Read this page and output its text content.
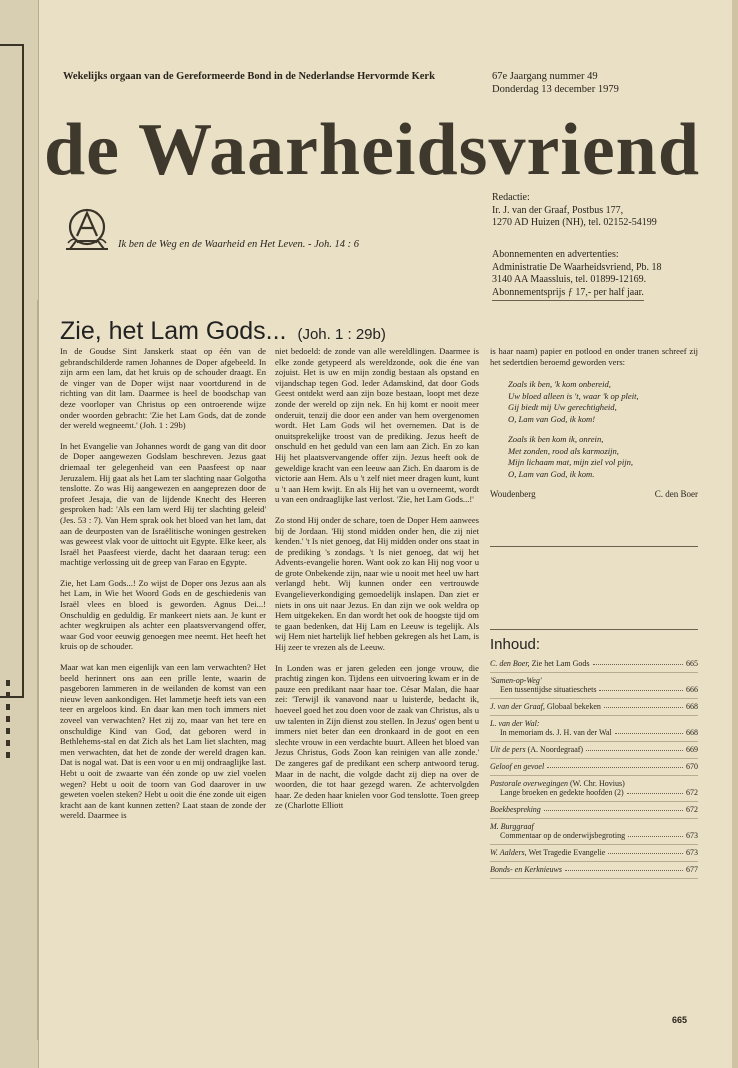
Wekelijks orgaan van de Gereformeerde Bond in de Nederlandse Hervormde Kerk	67e Jaargang nummer 49
Donderdag 13 december 1979
de Waarheidsvriend
Ik ben de Weg en de Waarheid en Het Leven. - Joh. 14 : 6
Redactie:
Ir. J. van der Graaf, Postbus 177,
1270 AD Huizen (NH), tel. 02152-54199
Abonnementen en advertenties:
Administratie De Waarheidsvriend, Pb. 18
3140 AA Maassluis, tel. 01899-12169.
Abonnementsprijs ƒ 17,- per half jaar.
Zie, het Lam Gods... (Joh. 1 : 29b)

In de Goudse Sint Janskerk staat op één van de gebrandschilderde ramen Johannes de Doper afgebeeld. In zijn arm een lam, dat het kruis op de schouder draagt. En de vinger van de Doper wijst naar voortdurend in de richting van dit lam. Daarmee is heel de boodschap van deze voorloper van Christus op een ontroerende wijze onder woorden gebracht: 'Zie het Lam Gods, dat de zonde der wereld wegneemt.' (Joh. 1 : 29b)

In het Evangelie van Johannes wordt de gang van dit door de Doper aangewezen Godslam beschreven. Jezus gaat driemaal ter gelegenheid van een Paasfeest op naar Jeruzalem. Hij gaat als het Lam ter slachting naar Golgotha tenslotte. Zo was Hij aangewezen en aangeprezen door de profeet Jesaja, die van de lijdende Knecht des Heeren gesproken had: 'Als een lam werd Hij ter slachting geleid' (Jes. 53 : 7). Van Hem sprak ook het bloed van het lam, dat aan de deurposten van de Israëlitische woningen gestreken was geweest vlak voor de uittocht uit Egypte. Elke keer, als Israël het Paasfeest vierde, dacht het daaraan terug: een machtige verlossing uit de greep van Farao en Egypte.

Zie, het Lam Gods...! Zo wijst de Doper ons Jezus aan als het Lam, in Wie het Woord Gods en de geschiedenis van Israël vlees en bloed is geworden. Agnus Dei...! Onschuldig en geduldig. Er mankeert niets aan. Je kunt er achter wegkruipen als achter een plaatsvervangend offer, waar God voor eeuwig genoegen mee neemt. Het heeft het kruis op de schouder.

Maar wat kan men eigenlijk van een lam verwachten? Het beeld herinnert ons aan een prille lente, waarin de pasgeboren lammeren in de weilanden de komst van een nieuw leven aankondigen. Het lammetje heeft iets van een teer en argeloos kind. En daar kan men toch immers niet zoveel van verwachten? Het zij zo, maar van het tere en onschuldige Kind van God, dat geboren werd in Bethlehems-stal en dat Zich als het Lam liet slachten, mag men verwachten, dat het de zonde der wereld dragen kan. Dat is nogal wat. Dat is een voor u en mij ondraaglijke last. Hebt u ooit de zwaarte van één zonde op uw ziel voelen wegen? Hebt u ooit de toorn van God daarover in uw geweten voelen steken? Hebt u ooit die éne zonde uit eigen kracht aan de kant kunnen zetten? Laat staan de zonde der wereld. Daarmee is

niet bedoeld: de zonde van alle wereldlingen. Daarmee is elke zonde getypeerd als wereldzonde, ook die éne van zojuist. Het is uw en mijn zondig bestaan als opstand en vijandschap tegen God. Ieder Adamskind, dat door Gods Geest ontdekt werd aan zijn boze bestaan, loopt met deze zonde der wereld op zijn nek. En hij komt er nooit meer onderuit, tenzij die door een ander van hem overgenomen wordt. Het Lam Gods wil het overnemen. Dat is de onuitsprekelijke troost van de prediking. Jezus heeft de onschuld en het geduld van een lam aan Zich. En zo kan Hij het plaatsvervangende offer zijn. Jezus heeft ook de geweldige kracht van een leeuw aan Zich. En daarom is de victorie aan Hem. Als u 't zelf niet meer dragen kunt, kunt u 't aan Hem kwijt. En als Hij het van u overneemt, wordt u van een ondraaglijke last verlost. 'Zie, het Lam Gods...!'

Zo stond Hij onder de schare, toen de Doper Hem aanwees bij de Jordaan. 'Hij stond midden onder hen, die zij niet kenden.' 't Is niet genoeg, dat Hij midden onder ons staat in de prediking 's zondags. 't Is niet genoeg, dat wij het Advents-evangelie horen. Want ook zo kan Hij nog voor u de grote Onbekende zijn, naar wie u nooit met heel uw hart verlangd hebt. Wij kunnen onder een vertrouwde Evangelieverkondiging gemoedelijk inslapen. Dan ziet er niets in ons uit naar Jezus. En dan zijn we ook weldra op Hem uitgekeken. En dan wordt het ook de hoogste tijd om te gaan bedenken, dat Hij Lam en Leeuw is tegelijk. Als wij Hem niet hartelijk lief hebben gekregen als het Lam, is Hij zeer te vrezen als de Leeuw.

In Londen was er jaren geleden een jonge vrouw, die prachtig zingen kon. Tijdens een uitvoering kwam er in de pauze een predikant naar haar toe. César Malan, die haar zei: 'Terwijl ik vanavond naar u luisterde, bedacht ik, hoeveel goed het zou doen voor de zaak van Christus, als u uw talenten in Zijn dienst zou stellen. In Jezus' ogen bent u immers niet beter dan een dronkaard in de goot en een slechte vrouw in een verdachte buurt. Alleen het bloed van Jezus Christus, Gods Zoon kan reinigen van alle zonde.' De zangeres gaf de predikant een scherp antwoord terug. Maar in de nacht, die volgde dacht zij diep na over de woorden, die tot haar gezegd waren. Ze achtervolgden haar. Ze deden haar knielen voor God tenslotte. Toen greep ze (Charlotte Elliott

is haar naam) papier en potlood en onder tranen schreef zij het sedertdien beroemd geworden vers:

Zoals ik ben, 'k kom onbereid,
Uw bloed alleen is 't, waar 'k op pleit,
Gij biedt mij Uw gerechtigheid,
O, Lam van God, ik kom!
Zoals ik ben kom ik, onrein,
Met zonden, rood als karmozijn,
Mijn lichaam mat, mijn ziel vol pijn,
O, Lam van God, ik kom.
Woudenberg	C. den Boer
Inhoud:
C. den Boer,
Zie het Lam Gods	665
'Samen-op-Weg'
Een tussentijdse situatieschets	666
J. van der Graaf,
Globaal bekeken	668
L. van der Wal:
In memoriam ds. J. H. van der Wal	668
Uit de pers
(A. Noordegraaf)	669
Geloof en gevoel	670
Pastorale overwegingen (W. Chr. Hovius)
Lange broeken en gedekte hoofden (2)	672
Boekbespreking	672
M. Burggraaf
Commentaar op de onderwijsbegroting	673
W. Aalders,
Wet Tragedie Evangelie	673
Bonds- en Kerknieuws	677
665
